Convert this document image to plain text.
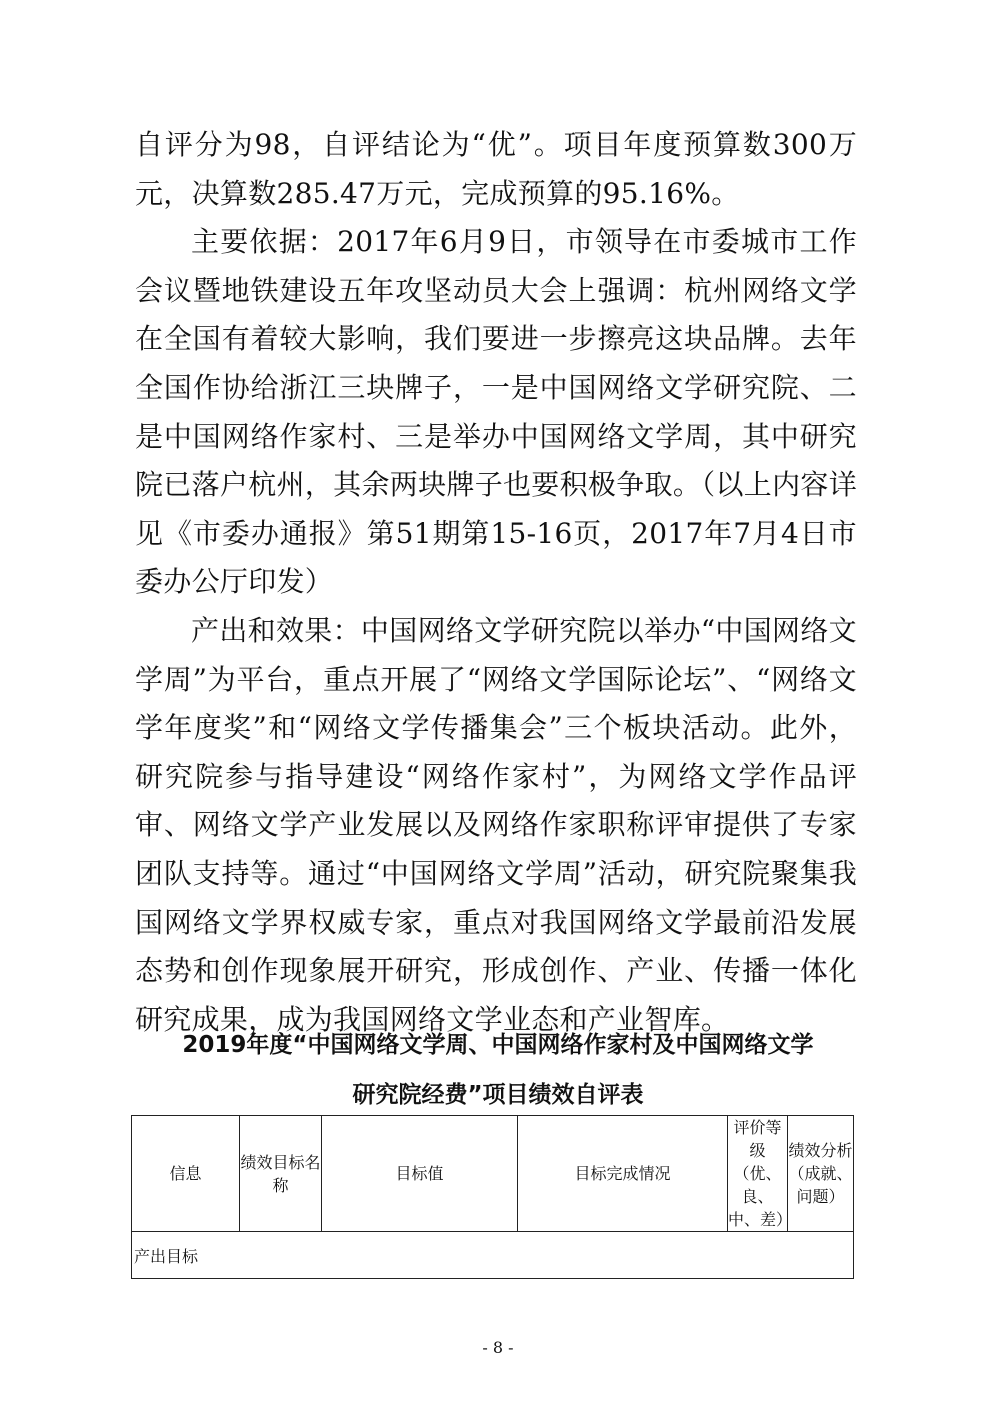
自评分为98，自评结论为“优”。项目年度预算数300万元，决算数285.47万元，完成预算的95.16%。

主要依据：2017年6月9日，市领导在市委城市工作会议暨地铁建设五年攻坚动员大会上强调：杭州网络文学在全国有着较大影响，我们要进一步擦亮这块品牌。去年全国作协给浙江三块牌子，一是中国网络文学研究院、二是中国网络作家村、三是举办中国网络文学周，其中研究院已落户杭州，其余两块牌子也要积极争取。（以上内容详见《市委办通报》第51期第15-16页，2017年7月4日市委办公厅印发）

产出和效果：中国网络文学研究院以举办“中国网络文学周”为平台，重点开展了“网络文学国际论坛”、“网络文学年度奖”和“网络文学传播集会”三个板块活动。此外，研究院参与指导建设“网络作家村”，为网络文学作品评审、网络文学产业发展以及网络作家职称评审提供了专家团队支持等。通过“中国网络文学周”活动，研究院聚集我国网络文学界权威专家，重点对我国网络文学最前沿发展态势和创作现象展开研究，形成创作、产业、传播一体化研究成果，成为我国网络文学业态和产业智库。

2019年度“中国网络文学周、中国网络作家村及中国网络文学
研究院经费”项目绩效自评表
信息	绩效目标名称	目标值	目标完成情况	评价等级（优、良、中、差）	绩效分析（成就、问题）
产出目标
- 8 -
